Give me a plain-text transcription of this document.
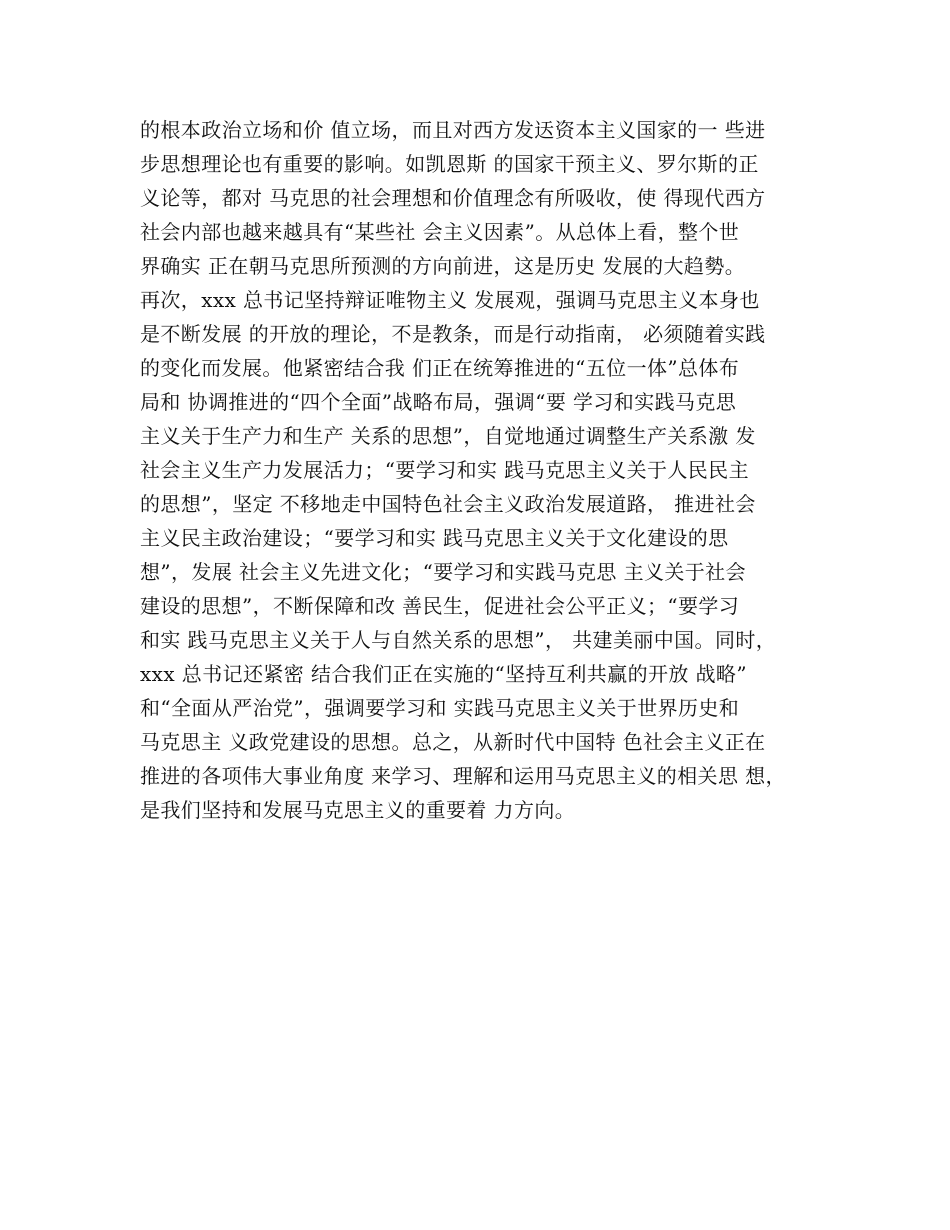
的根本政治立场和价 值立场，而且对西方发迗资本主义国家的一 些进
步思想理论也有重要的影响。如凯恩斯 的国家干预主义、罗尔斯的正
义论等，都对 马克思的社会理想和价值理念有所吸收，使 得现代西方
社会内部也越来越具有“某些社 会主义因素”。从总体上看，整个世
界确实 正在朝马克思所预测的方向前进，这是历史 发展的大趋勢。
再次，xxx 总书记坚持辩证唯物主义 发展观，强调马克思主义本身也
是不断发展 的开放的理论，不是教条，而是行动指南， 必须随着实践
的变化而发展。他紧密结合我 们正在统筹推进的“五位一体”总体布
局和 协调推进的“四个全面”战略布局，强调“要 学习和实践马克思
主义关于生产力和生产 关系的思想”，自觉地通过调整生产关系激 发
社会主义生产力发展活力；“要学习和实 践马克思主义关于人民民主
的思想”，坚定 不移地走中国特色社会主义政治发展道路， 推进社会
主义民主政治建设；“要学习和实 践马克思主义关于文化建设的思
想”，发展 社会主义先进文化；“要学习和实践马克思 主义关于社会
建设的思想”，不断保障和改 善民生，促进社会公平正义；“要学习
和实 践马克思主义关于人与自然关系的思想”， 共建美丽中国。同时，
xxx 总书记还紧密 结合我们正在实施的“坚持互利共赢的开放 战略”
和“全面从严治党”，强调要学习和 实践马克思主义关于世界历史和
马克思主 义政党建设的思想。总之，从新时代中国特 色社会主义正在
推进的各项伟大事业角度 来学习、理解和运用马克思主义的相关思 想，
是我们坚持和发展马克思主义的重要着 力方向。
